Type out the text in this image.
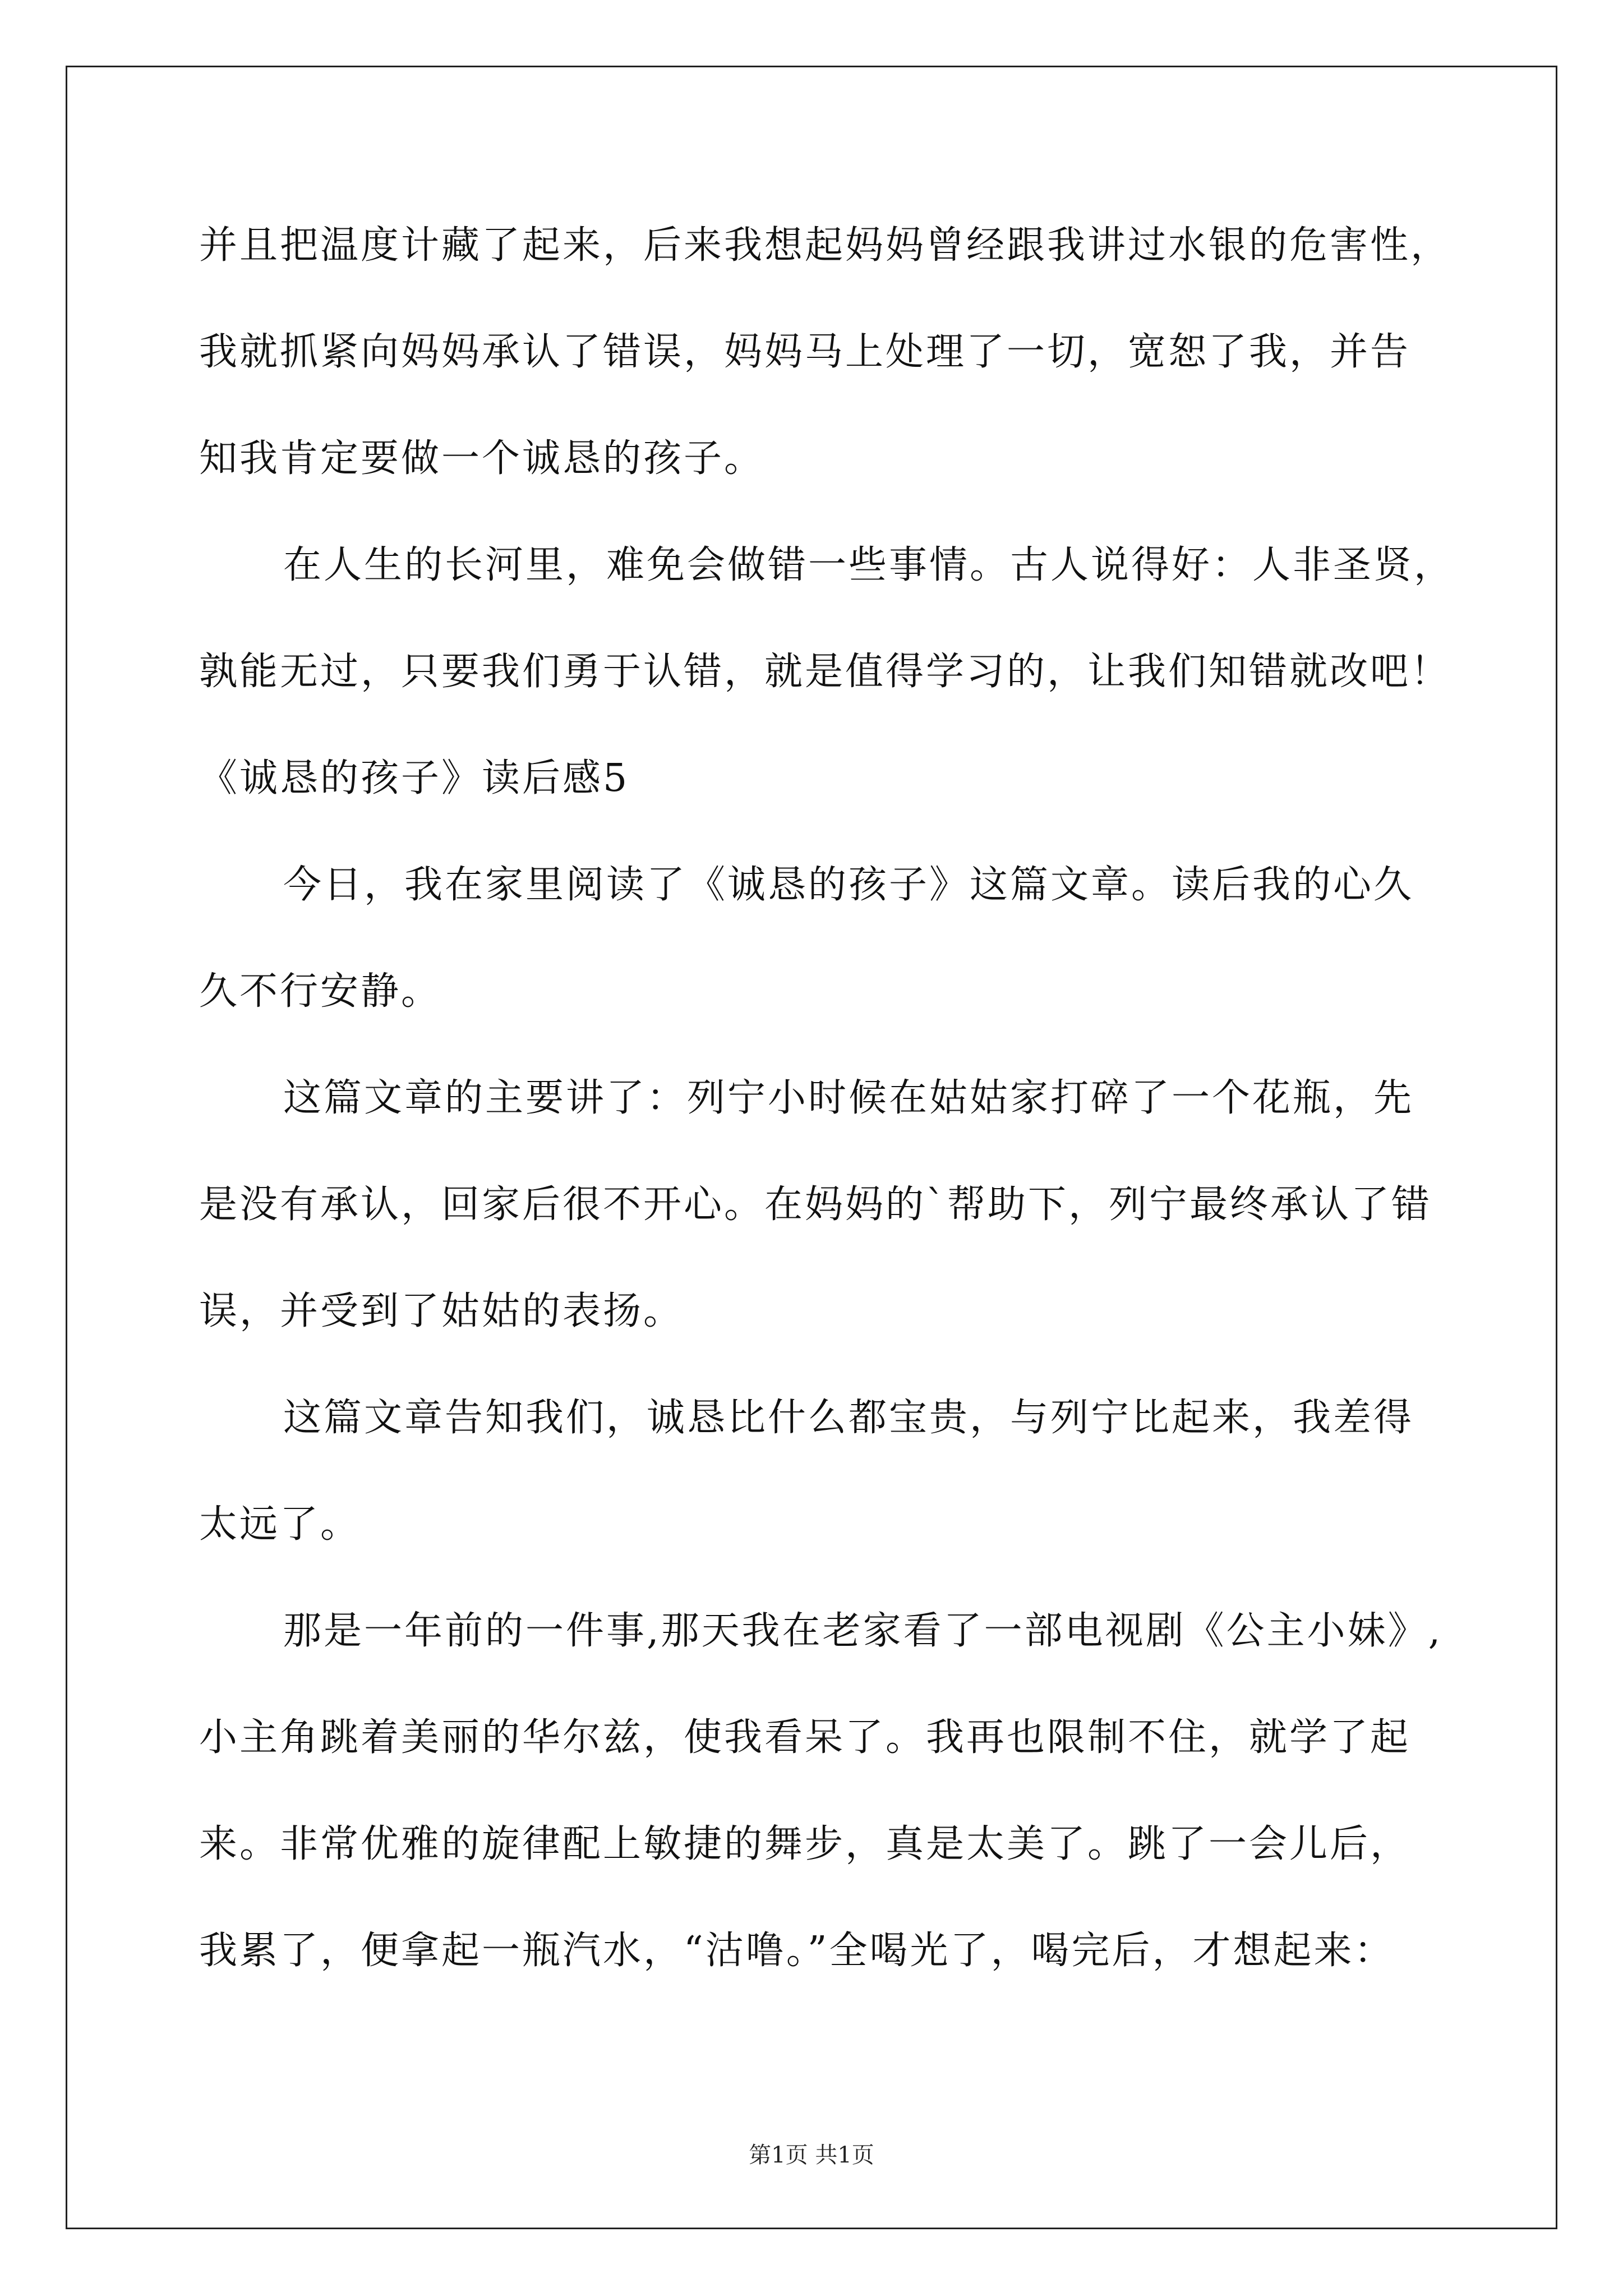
并且把温度计藏了起来，后来我想起妈妈曾经跟我讲过水银的危害性，
我就抓紧向妈妈承认了错误，妈妈马上处理了一切，宽恕了我，并告
知我肯定要做一个诚恳的孩子。
在人生的长河里，难免会做错一些事情。古人说得好：人非圣贤，
孰能无过，只要我们勇于认错，就是值得学习的，让我们知错就改吧！
《诚恳的孩子》读后感5
今日，我在家里阅读了《诚恳的孩子》这篇文章。读后我的心久
久不行安静。
这篇文章的主要讲了：列宁小时候在姑姑家打碎了一个花瓶，先
是没有承认，回家后很不开心。在妈妈的`帮助下，列宁最终承认了错
误，并受到了姑姑的表扬。
这篇文章告知我们，诚恳比什么都宝贵，与列宁比起来，我差得
太远了。
那是一年前的一件事,那天我在老家看了一部电视剧《公主小妹》,
小主角跳着美丽的华尔兹，使我看呆了。我再也限制不住，就学了起
来。非常优雅的旋律配上敏捷的舞步，真是太美了。跳了一会儿后，
我累了，便拿起一瓶汽水，“沽噜。”全喝光了，喝完后，才想起来：
第1页 共1页
